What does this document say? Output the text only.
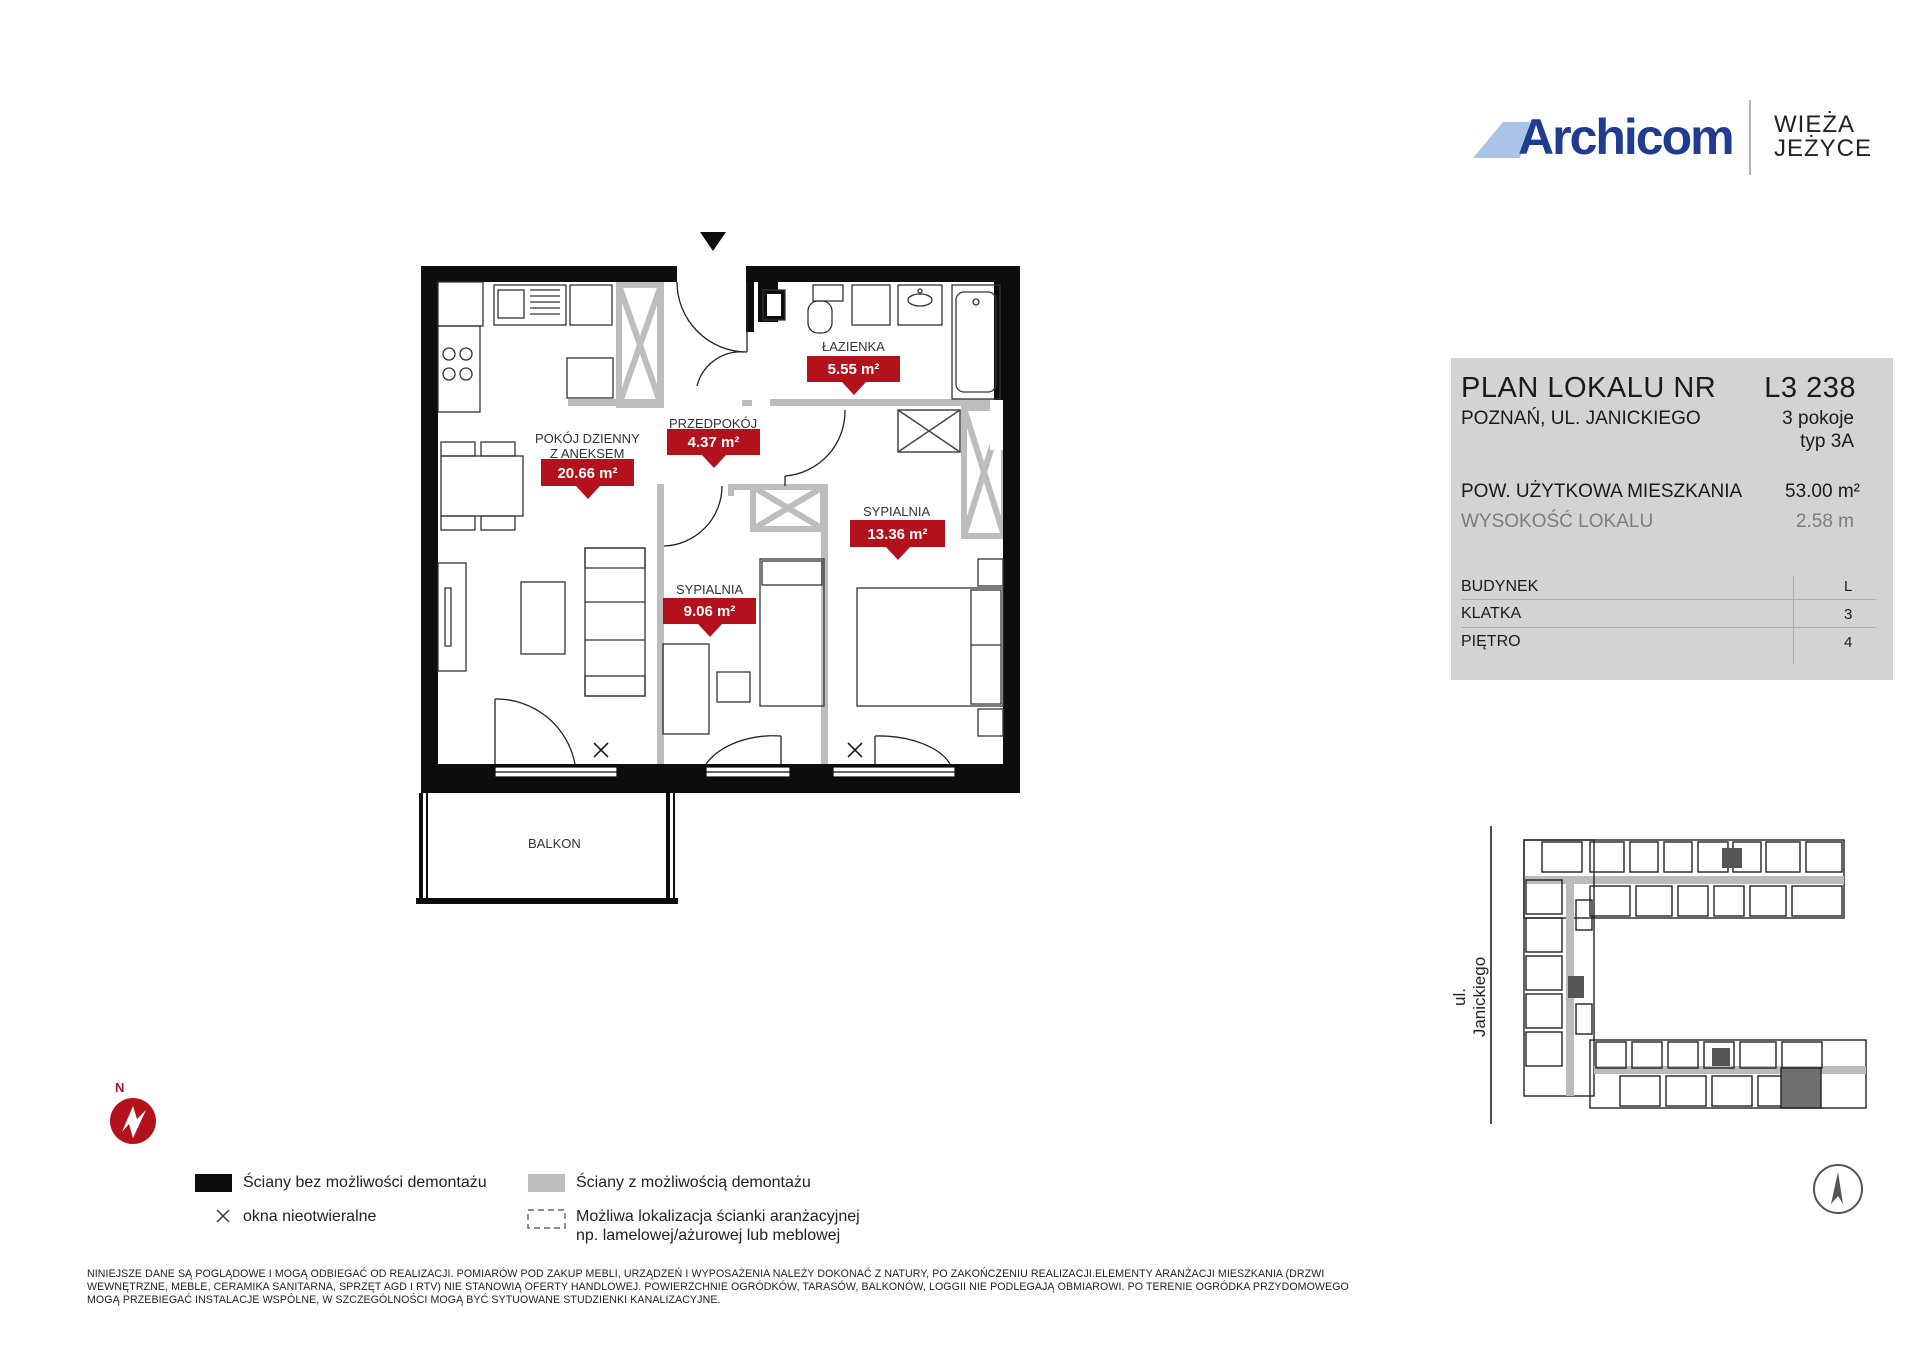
Archicom WIEŻA
JEŻYCE
PLAN LOKALU NR L3 238
POZNAŃ, UL. JANICKIEGO	3 pokoje
typ 3A
POW. UŻYTKOWA MIESZKANIA 53.00 m²
WYSOKOŚĆ LOKALU	2.58 m
BUDYNEK	L
KLATKA	3
PIĘTRO	4
POKÓJ DZIENNY
Z ANEKSEM
20.66 m²
PRZEDPOKÓJ
4.37 m²
ŁAZIENKA
5.55 m²
SYPIALNIA
9.06 m²
SYPIALNIA
13.36 m²
BALKON
ul. Janickiego
N
Ściany bez możliwości demontażu	Ściany z możliwością demontażu
okna nieotwieralne	Możliwa lokalizacja ścianki aranżacyjnej
np. lamelowej/ażurowej lub meblowej
NINIEJSZE DANE SĄ POGLĄDOWE I MOGĄ ODBIEGAĆ OD REALIZACJI. POMIARÓW POD ZAKUP MEBLI, URZĄDZEŃ I WYPOSAŻENIA NALEŻY DOKONAĆ Z NATURY, PO ZAKOŃCZENIU REALIZACJI.ELEMENTY ARANŻACJI MIESZKANIA (DRZWI
WEWNĘTRZNE, MEBLE, CERAMIKA SANITARNA, SPRZĘT AGD I RTV) NIE STANOWIĄ OFERTY HANDLOWEJ. POWIERZCHNIE OGRÓDKÓW, TARASÓW, BALKONÓW, LOGGII NIE PODLEGAJĄ OBMIAROWI. PO TERENIE OGRÓDKA PRZYDOMOWEGO
MOGĄ PRZEBIEGAĆ INSTALACJE WSPÓLNE, W SZCZEGÓLNOŚCI MOGĄ BYĆ SYTUOWANE STUDZIENKI KANALIZACYJNE.
